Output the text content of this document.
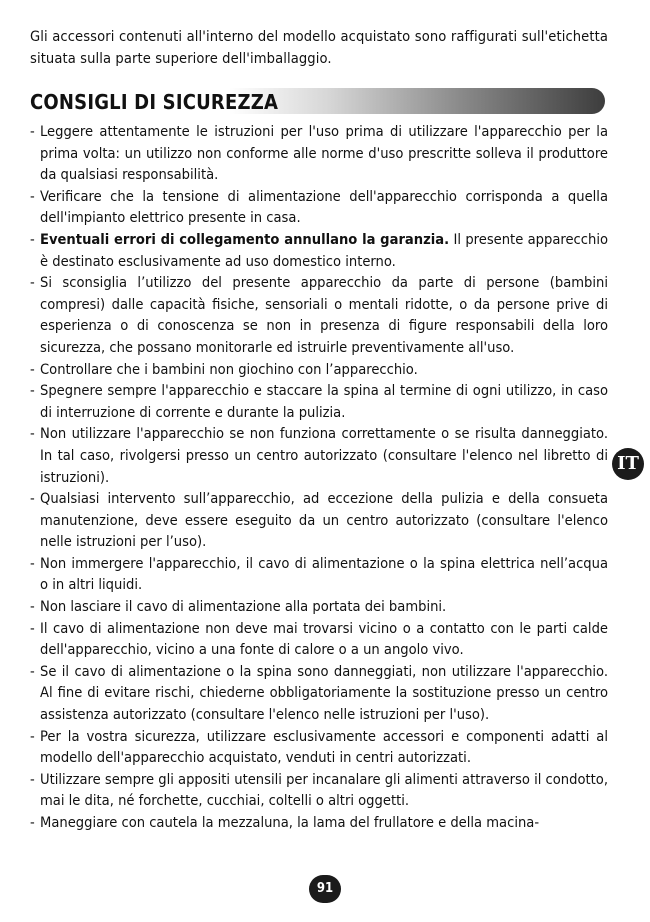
Gli accessori contenuti all'interno del modello acquistato sono raffigurati sull'etichetta situata sulla parte superiore dell'imballaggio.

CONSIGLI DI SICUREZZA
- Leggere attentamente le istruzioni per l'uso prima di utilizzare l'apparecchio per la prima volta: un utilizzo non conforme alle norme d'uso prescritte solleva il produttore da qualsiasi responsabilità.
- Verificare che la tensione di alimentazione dell'apparecchio corrisponda a quella dell'impianto elettrico presente in casa.
- Eventuali errori di collegamento annullano la garanzia. Il presente apparecchio è destinato esclusivamente ad uso domestico interno.
- Si sconsiglia l’utilizzo del presente apparecchio da parte di persone (bambini compresi) dalle capacità fisiche, sensoriali o mentali ridotte, o da persone prive di esperienza o di conoscenza se non in presenza di figure responsabili della loro sicurezza, che possano monitorarle ed istruirle preventivamente all'uso.
- Controllare che i bambini non giochino con l’apparecchio.
- Spegnere sempre l'apparecchio e staccare la spina al termine di ogni utilizzo, in caso di interruzione di corrente e durante la pulizia.
- Non utilizzare l'apparecchio se non funziona correttamente o se risulta danneggiato. In tal caso, rivolgersi presso un centro autorizzato (consultare l'elenco nel libretto di istruzioni).
- Qualsiasi intervento sull’apparecchio, ad eccezione della pulizia e della consueta manutenzione, deve essere eseguito da un centro autorizzato (consultare l'elenco nelle istruzioni per l’uso).
- Non immergere l'apparecchio, il cavo di alimentazione o la spina elettrica nell’acqua o in altri liquidi.
- Non lasciare il cavo di alimentazione alla portata dei bambini.
- Il cavo di alimentazione non deve mai trovarsi vicino o a contatto con le parti calde dell'apparecchio, vicino a una fonte di calore o a un angolo vivo.
- Se il cavo di alimentazione o la spina sono danneggiati, non utilizzare l'apparecchio. Al fine di evitare rischi, chiederne obbligatoriamente la sostituzione presso un centro assistenza autorizzato (consultare l'elenco nelle istruzioni per l'uso).
- Per la vostra sicurezza, utilizzare esclusivamente accessori e componenti adatti al modello dell'apparecchio acquistato, venduti in centri autorizzati.
- Utilizzare sempre gli appositi utensili per incanalare gli alimenti attraverso il condotto, mai le dita, né forchette, cucchiai, coltelli o altri oggetti.
- Maneggiare con cautela la mezzaluna, la lama del frullatore e della macina-
IT
91
